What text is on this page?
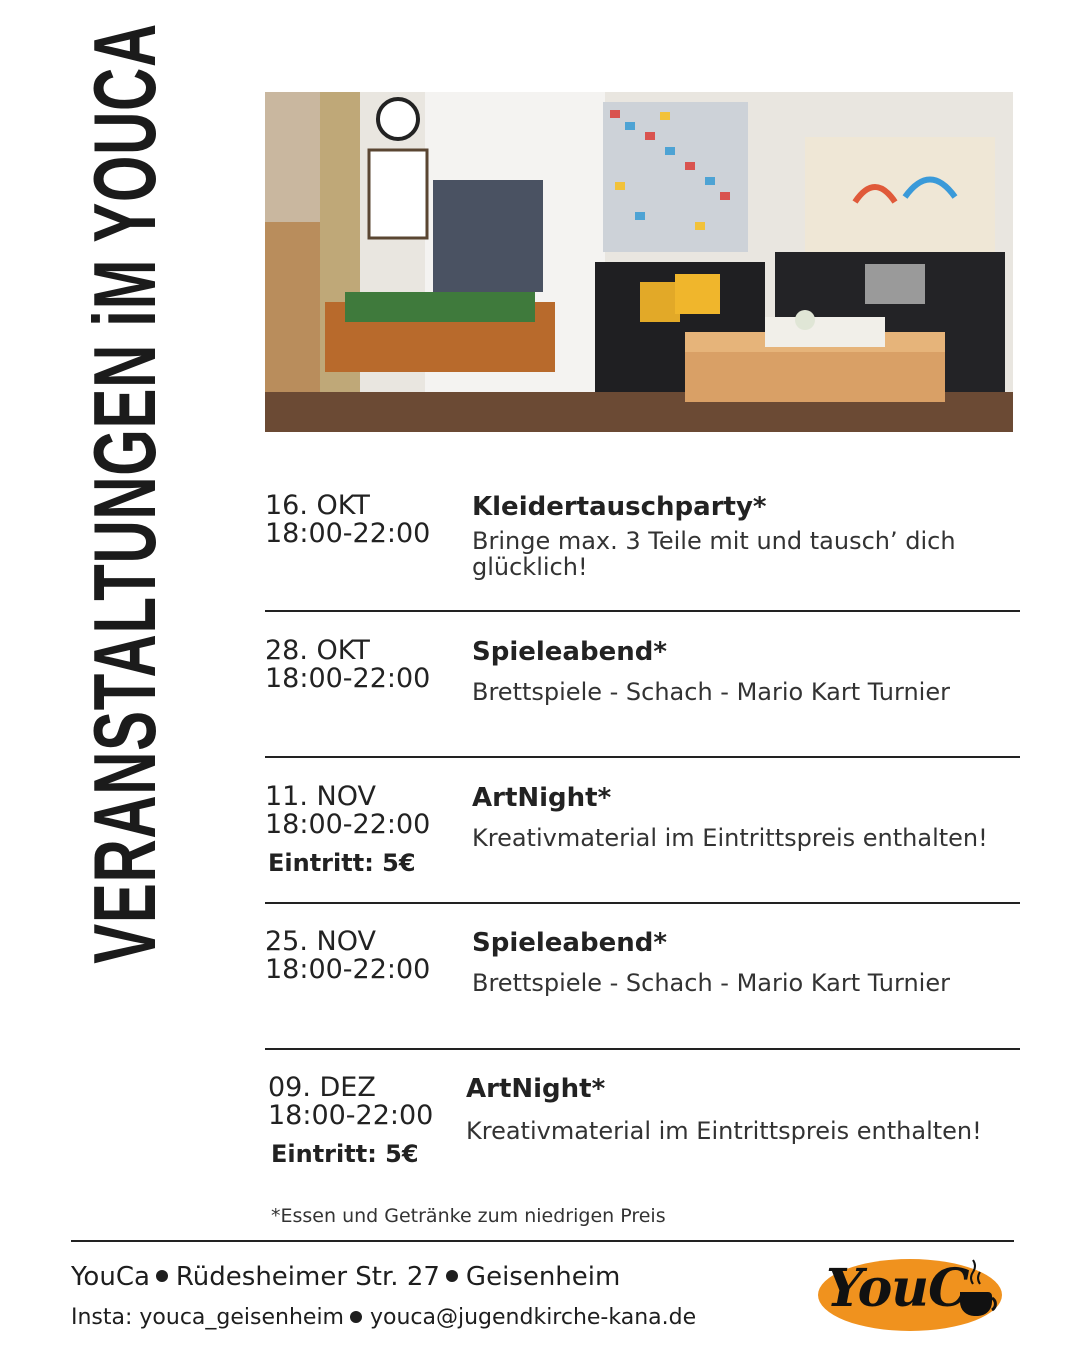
VERANSTALTUNGEN iM YOUCA	16. OKT
18:00-22:00
Kleidertauschparty*
Bringe max. 3 Teile mit und tausch’ dich glücklich!
28. OKT
18:00-22:00
Spieleabend*
Brettspiele - Schach - Mario Kart Turnier
11. NOV
18:00-22:00
Eintritt: 5€
ArtNight*
Kreativmaterial im Eintrittspreis enthalten!
25. NOV
18:00-22:00
Spieleabend*
Brettspiele - Schach - Mario Kart Turnier
09. DEZ
18:00-22:00
Eintritt: 5€
ArtNight*
Kreativmaterial im Eintrittspreis enthalten!
*Essen und Getränke zum niedrigen Preis
YouCa Rüdesheimer Str. 27 Geisenheim
Insta: youca_geisenheim youca@jugendkirche-kana.de YouC
